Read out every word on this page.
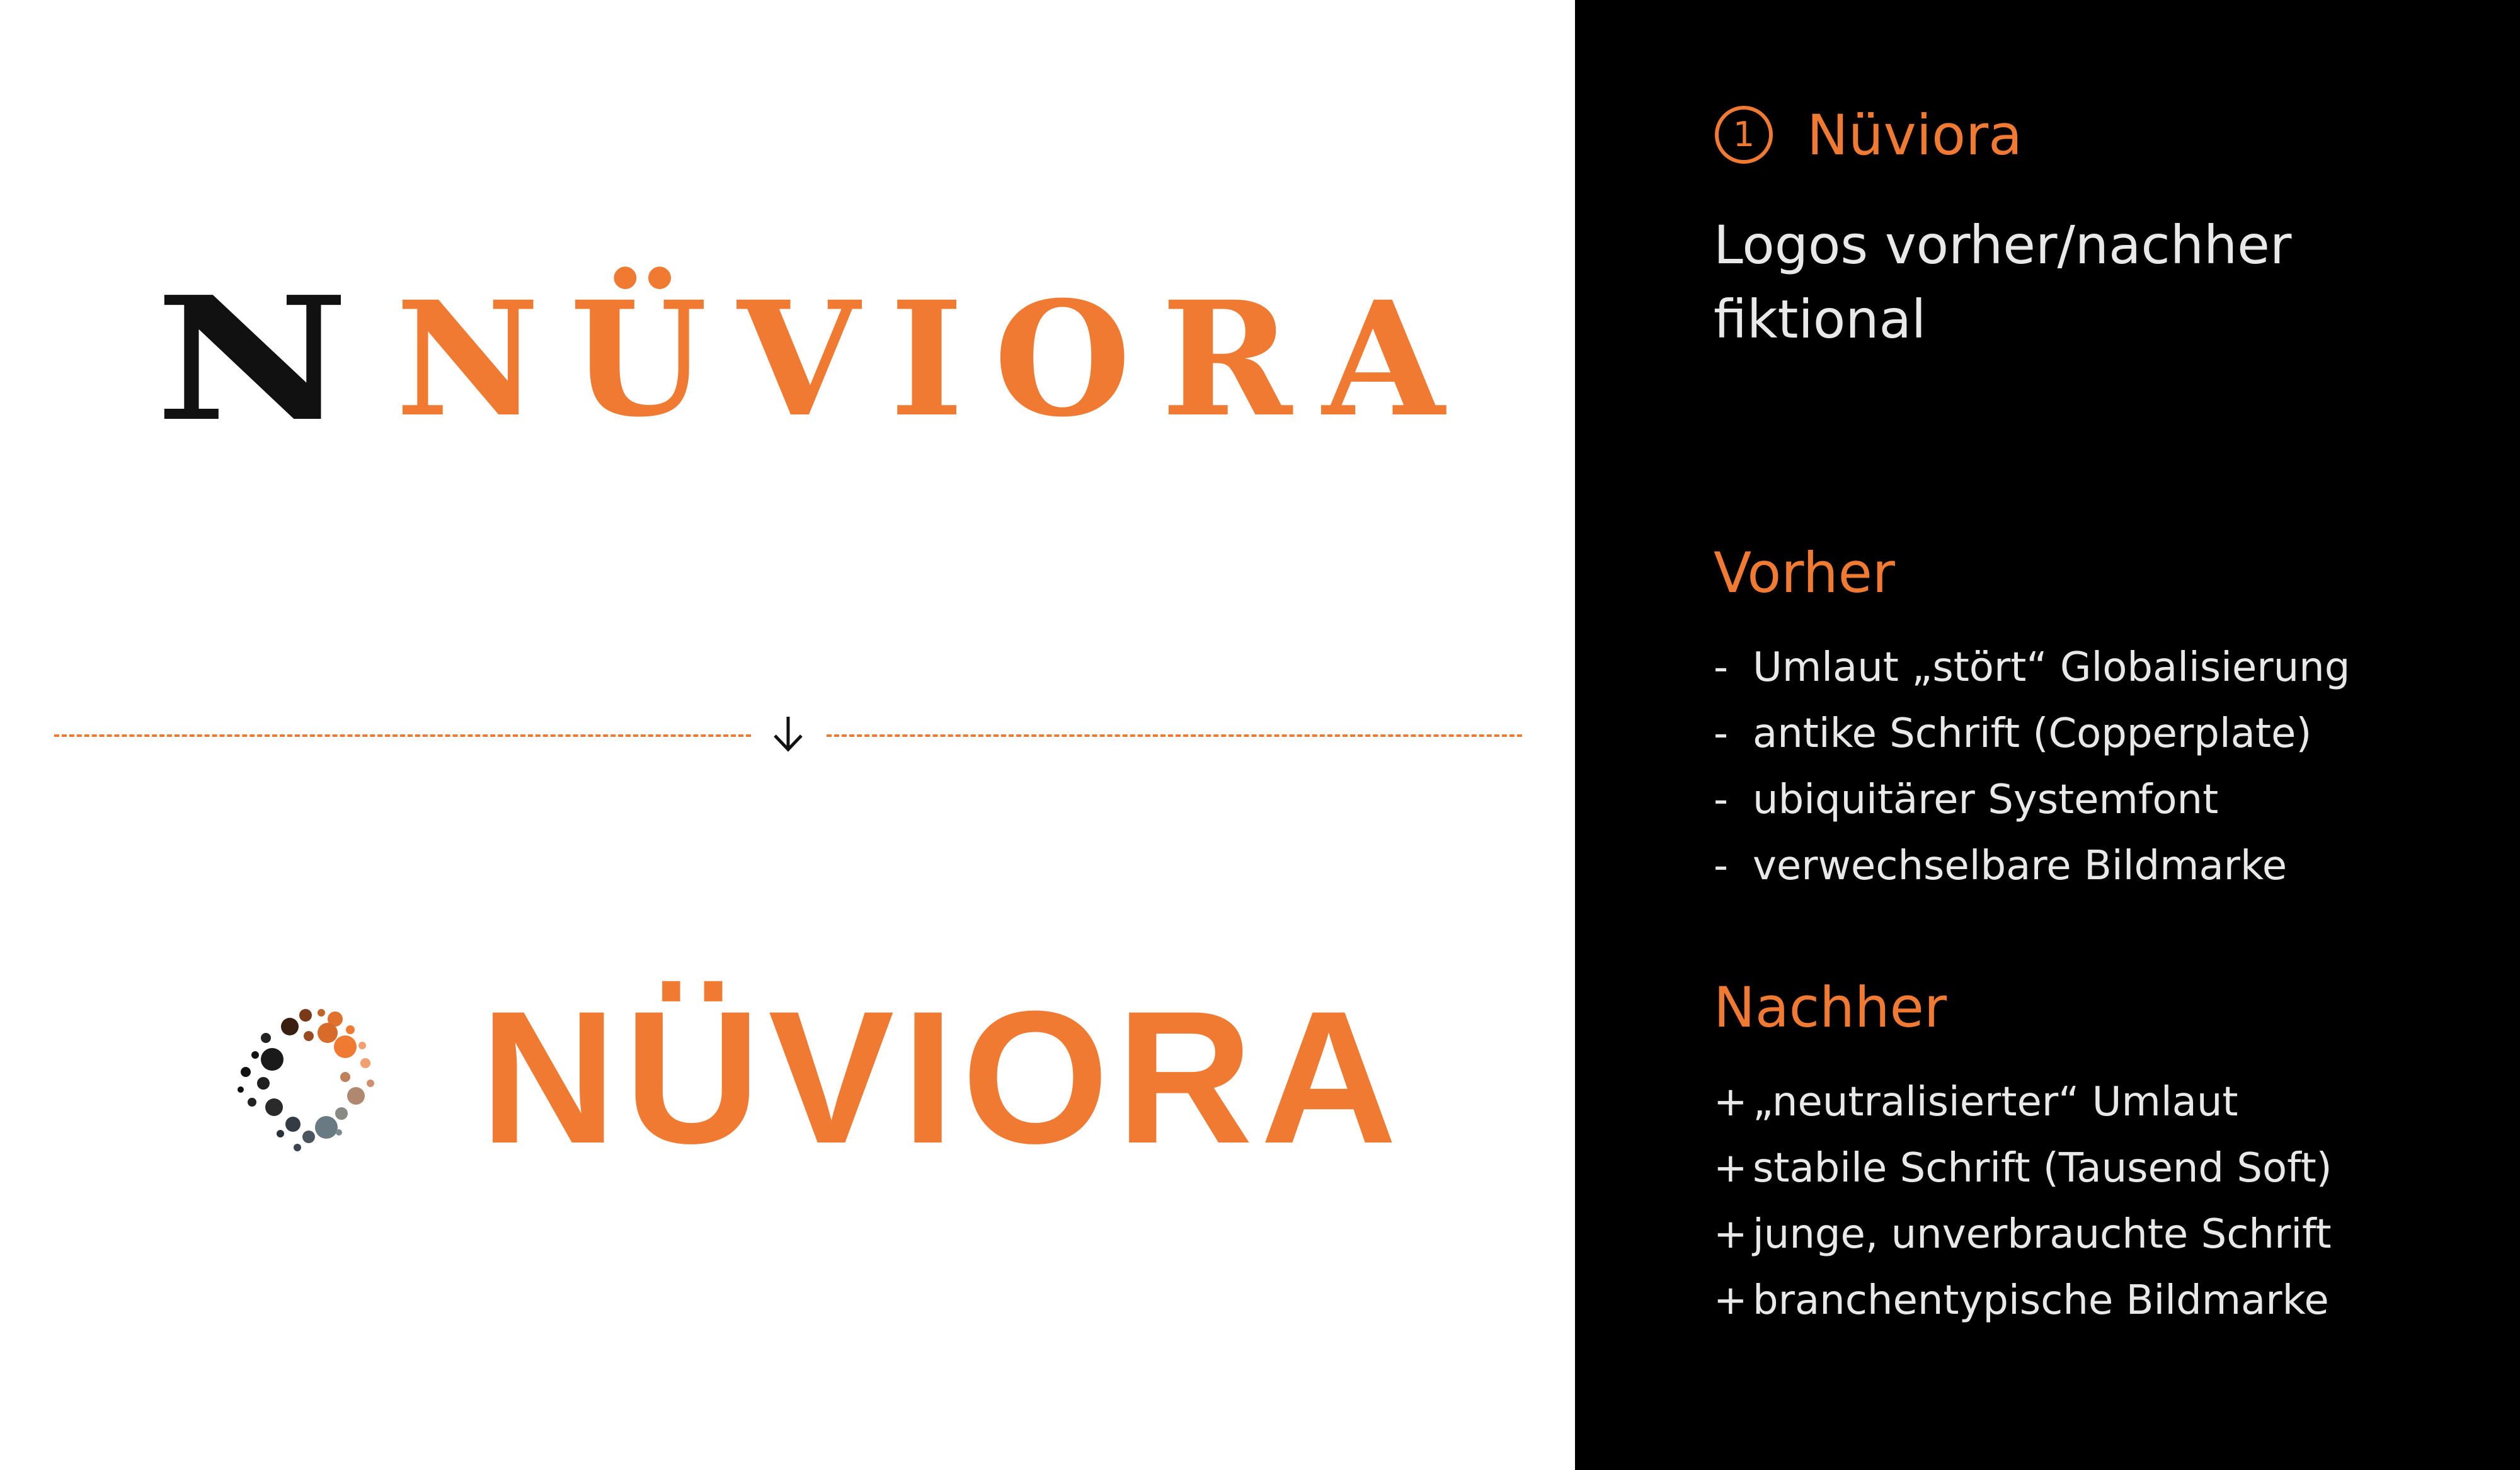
N NÜVIORA
NÜVIORA
1 Nüviora
Logos vorher/nachher
fiktional
Vorher
- Umlaut „stört“ Globalisierung
- antike Schrift (Copperplate)
- ubiquitärer Systemfont
- verwechselbare Bildmarke
Nachher
+ „neutralisierter“ Umlaut
+ stabile Schrift (Tausend Soft)
+ junge, unverbrauchte Schrift
+ branchentypische Bildmarke
